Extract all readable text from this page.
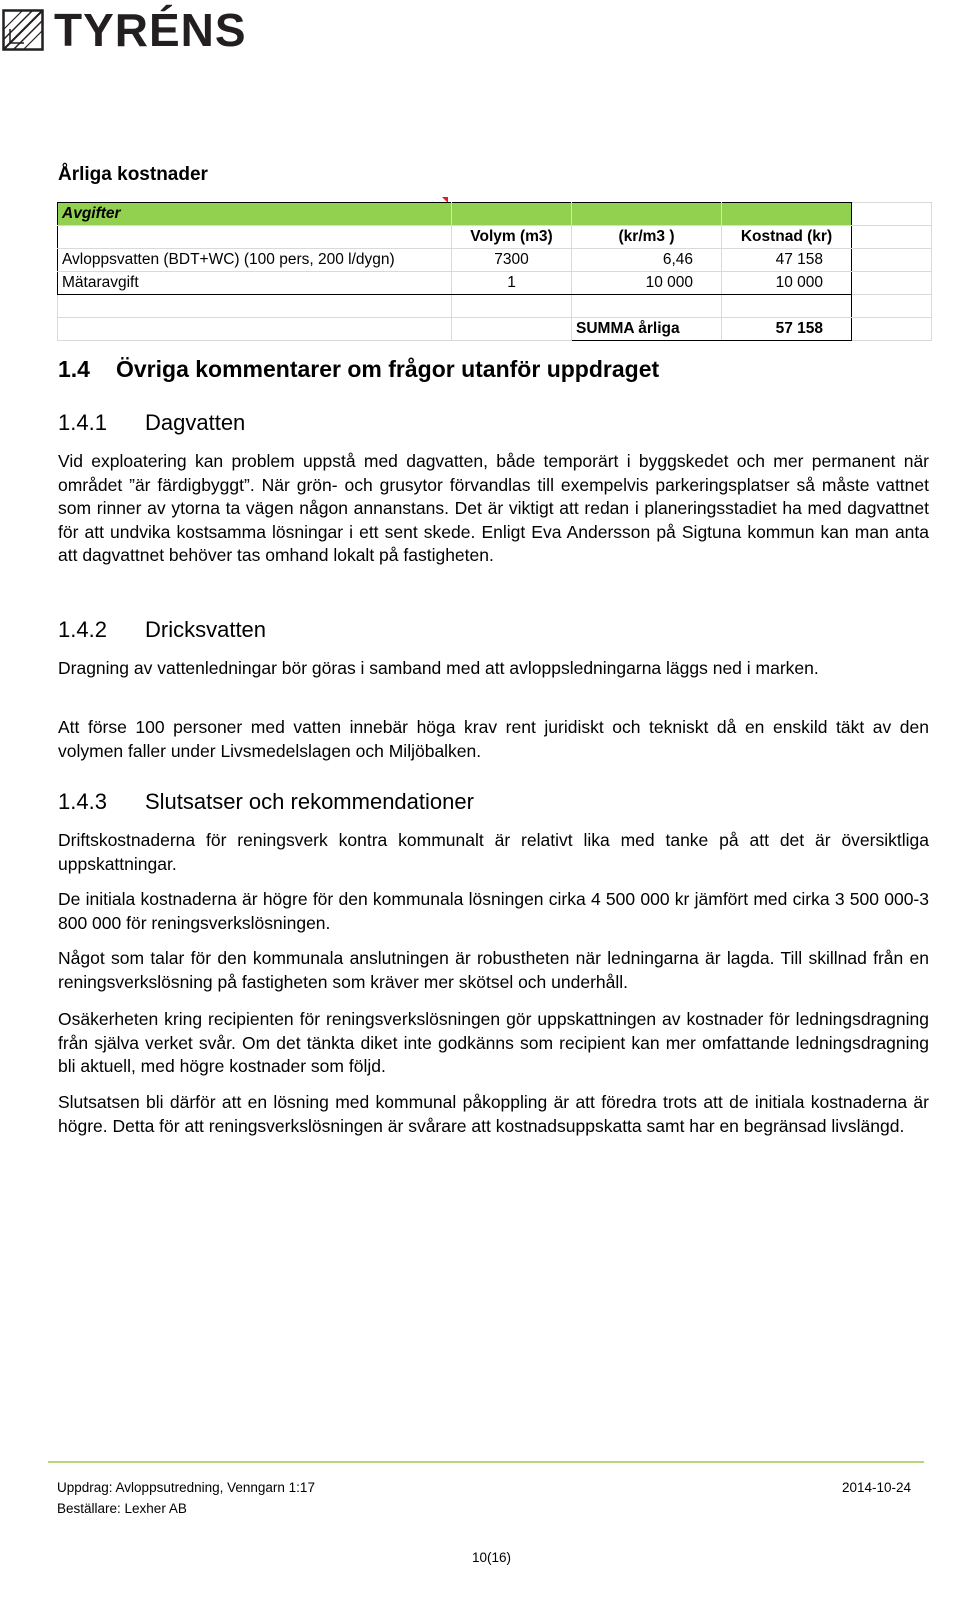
TYRÉNS
Årliga kostnader
Avgifter				
	Volym (m3)	(kr/m3 )	Kostnad (kr)	
Avloppsvatten (BDT+WC) (100 pers, 200 l/dygn)	7300	6,46	47 158	
Mätaravgift	1	10 000	10 000	

		SUMMA årliga	57 158	
1.4 Övriga kommentarer om frågor utanför uppdraget
1.4.1 Dagvatten
Vid exploatering kan problem uppstå med dagvatten, både temporärt i byggskedet och mer permanent när området ”är färdigbyggt”. När grön- och grusytor förvandlas till exempelvis parkeringsplatser så måste vattnet som rinner av ytorna ta vägen någon annanstans. Det är viktigt att redan i planeringsstadiet ha med dagvattnet för att undvika kostsamma lösningar i ett sent skede. Enligt Eva Andersson på Sigtuna kommun kan man anta att dagvattnet behöver tas omhand lokalt på fastigheten.
1.4.2 Dricksvatten
Dragning av vattenledningar bör göras i samband med att avloppsledningarna läggs ned i marken.
Att förse 100 personer med vatten innebär höga krav rent juridiskt och tekniskt då en enskild täkt av den volymen faller under Livsmedelslagen och Miljöbalken.
1.4.3 Slutsatser och rekommendationer
Driftskostnaderna för reningsverk kontra kommunalt är relativt lika med tanke på att det är översiktliga uppskattningar.
De initiala kostnaderna är högre för den kommunala lösningen cirka 4 500 000 kr jämfört med cirka 3 500 000-3 800 000 för reningsverkslösningen.
Något som talar för den kommunala anslutningen är robustheten när ledningarna är lagda. Till skillnad från en reningsverkslösning på fastigheten som kräver mer skötsel och underhåll.
Osäkerheten kring recipienten för reningsverkslösningen gör uppskattningen av kostnader för ledningsdragning från själva verket svår. Om det tänkta diket inte godkänns som recipient kan mer omfattande ledningsdragning bli aktuell, med högre kostnader som följd.
Slutsatsen bli därför att en lösning med kommunal påkoppling är att föredra trots att de initiala kostnaderna är högre. Detta för att reningsverkslösningen är svårare att kostnadsuppskatta samt har en begränsad livslängd.
Uppdrag: Avloppsutredning, Venngarn 1:17
Beställare: Lexher AB
2014-10-24
10(16)
